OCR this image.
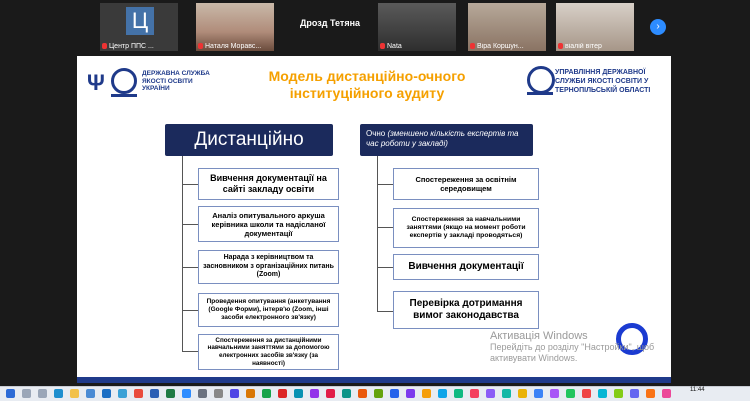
Ц
Центр ППС ...	Наталя Моравс...
Дрозд Тетяна
Nata	Віра Коршун...	віалій вітер
›
Ψ	ДЕРЖАВНА СЛУЖБА ЯКОСТІ ОСВІТИ УКРАЇНИ
Модель дистанційно-очного інституційного аудиту
УПРАВЛІННЯ ДЕРЖАВНОЇ СЛУЖБИ ЯКОСТІ ОСВІТИ У ТЕРНОПІЛЬСЬКІЙ ОБЛАСТІ
Дистанційно	Очно (зменшено кількість експертів та час роботи у закладі)
Вивчення документації на сайті закладу освіти
Аналіз опитувального аркуша керівника школи та надісланої документації
Нарада з керівництвом та засновником з організаційних питань (Zoom)
Проведення опитування (анкетування (Google Форми), інтерв'ю (Zoom, інші засоби електронного зв'язку)
Спостереження за дистанційними навчальними заняттями за допомогою електронних засобів зв'язку (за наявності)
Спостереження за освітнім середовищем
Спостереження за навчальними заняттями (якщо на момент роботи експертів у закладі проводяться)
Вивчення документації
Перевірка дотримання вимог законодавства
Активація Windows
Перейдіть до розділу "Настройки", щоб активувати Windows.
11:44
